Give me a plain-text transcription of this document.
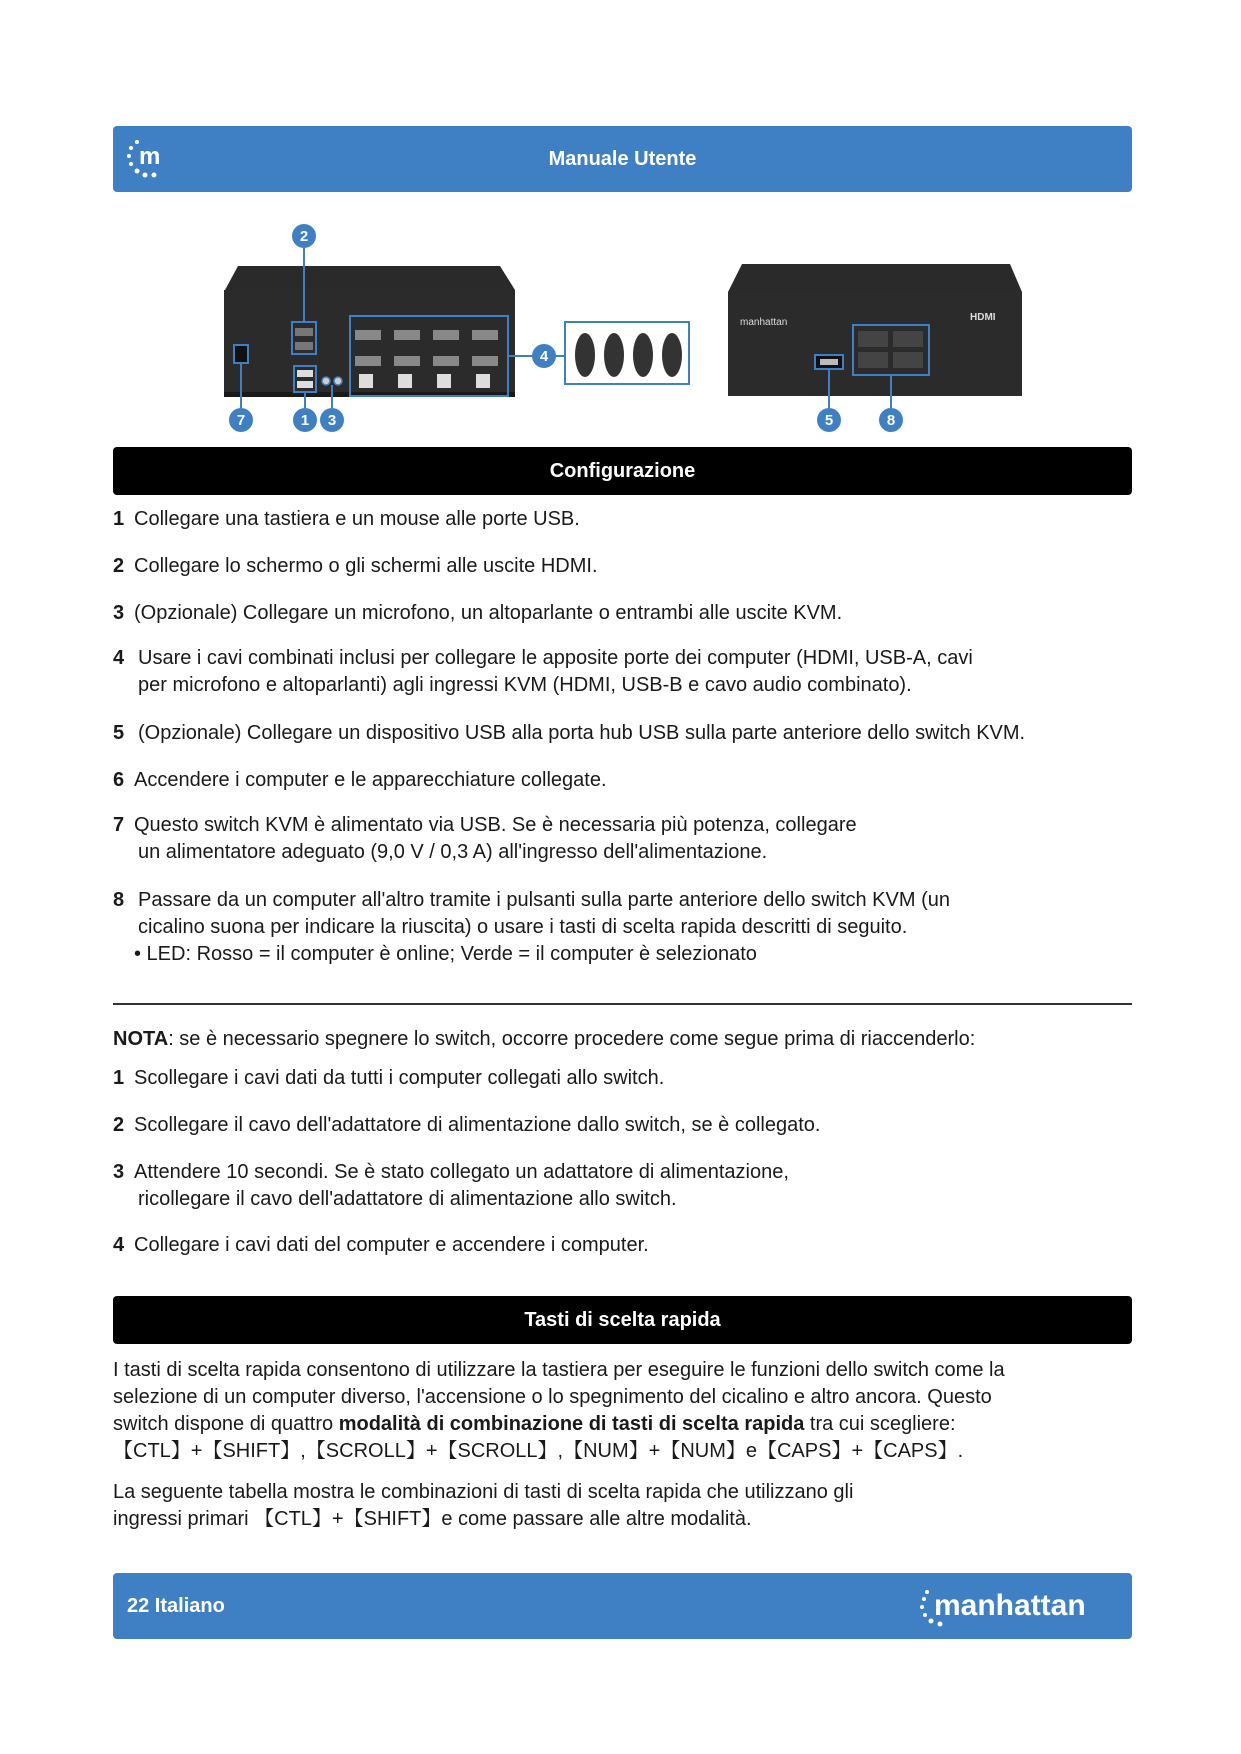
m	Manuale Utente
manhattan	HDMI
2
4
7	1 3	5	8
Configurazione
1 Collegare una tastiera e un mouse alle porte USB.
2 Collegare lo schermo o gli schermi alle uscite HDMI.
3 (Opzionale) Collegare un microfono, un altoparlante o entrambi alle uscite KVM.
4 Usare i cavi combinati inclusi per collegare le apposite porte dei computer (HDMI, USB-A, cavi
per microfono e altoparlanti) agli ingressi KVM (HDMI, USB-B e cavo audio combinato).
5 (Opzionale) Collegare un dispositivo USB alla porta hub USB sulla parte anteriore dello switch KVM.
6 Accendere i computer e le apparecchiature collegate.
7 Questo switch KVM è alimentato via USB. Se è necessaria più potenza, collegare
un alimentatore adeguato (9,0 V / 0,3 A) all'ingresso dell'alimentazione.
8 Passare da un computer all'altro tramite i pulsanti sulla parte anteriore dello switch KVM (un
cicalino suona per indicare la riuscita) o usare i tasti di scelta rapida descritti di seguito.
• LED: Rosso = il computer è online; Verde = il computer è selezionato
NOTA: se è necessario spegnere lo switch, occorre procedere come segue prima di riaccenderlo:
1 Scollegare i cavi dati da tutti i computer collegati allo switch.
2 Scollegare il cavo dell'adattatore di alimentazione dallo switch, se è collegato.
3 Attendere 10 secondi. Se è stato collegato un adattatore di alimentazione,
ricollegare il cavo dell'adattatore di alimentazione allo switch.
4 Collegare i cavi dati del computer e accendere i computer.
Tasti di scelta rapida
I tasti di scelta rapida consentono di utilizzare la tastiera per eseguire le funzioni dello switch come la
selezione di un computer diverso, l'accensione o lo spegnimento del cicalino e altro ancora. Questo
switch dispone di quattro modalità di combinazione di tasti di scelta rapida tra cui scegliere:
【CTL】+【SHIFT】,【SCROLL】+【SCROLL】,【NUM】+【NUM】e【CAPS】+【CAPS】.
La seguente tabella mostra le combinazioni di tasti di scelta rapida che utilizzano gli
ingressi primari 【CTL】+【SHIFT】e come passare alle altre modalità.
22 Italiano	manhattan
